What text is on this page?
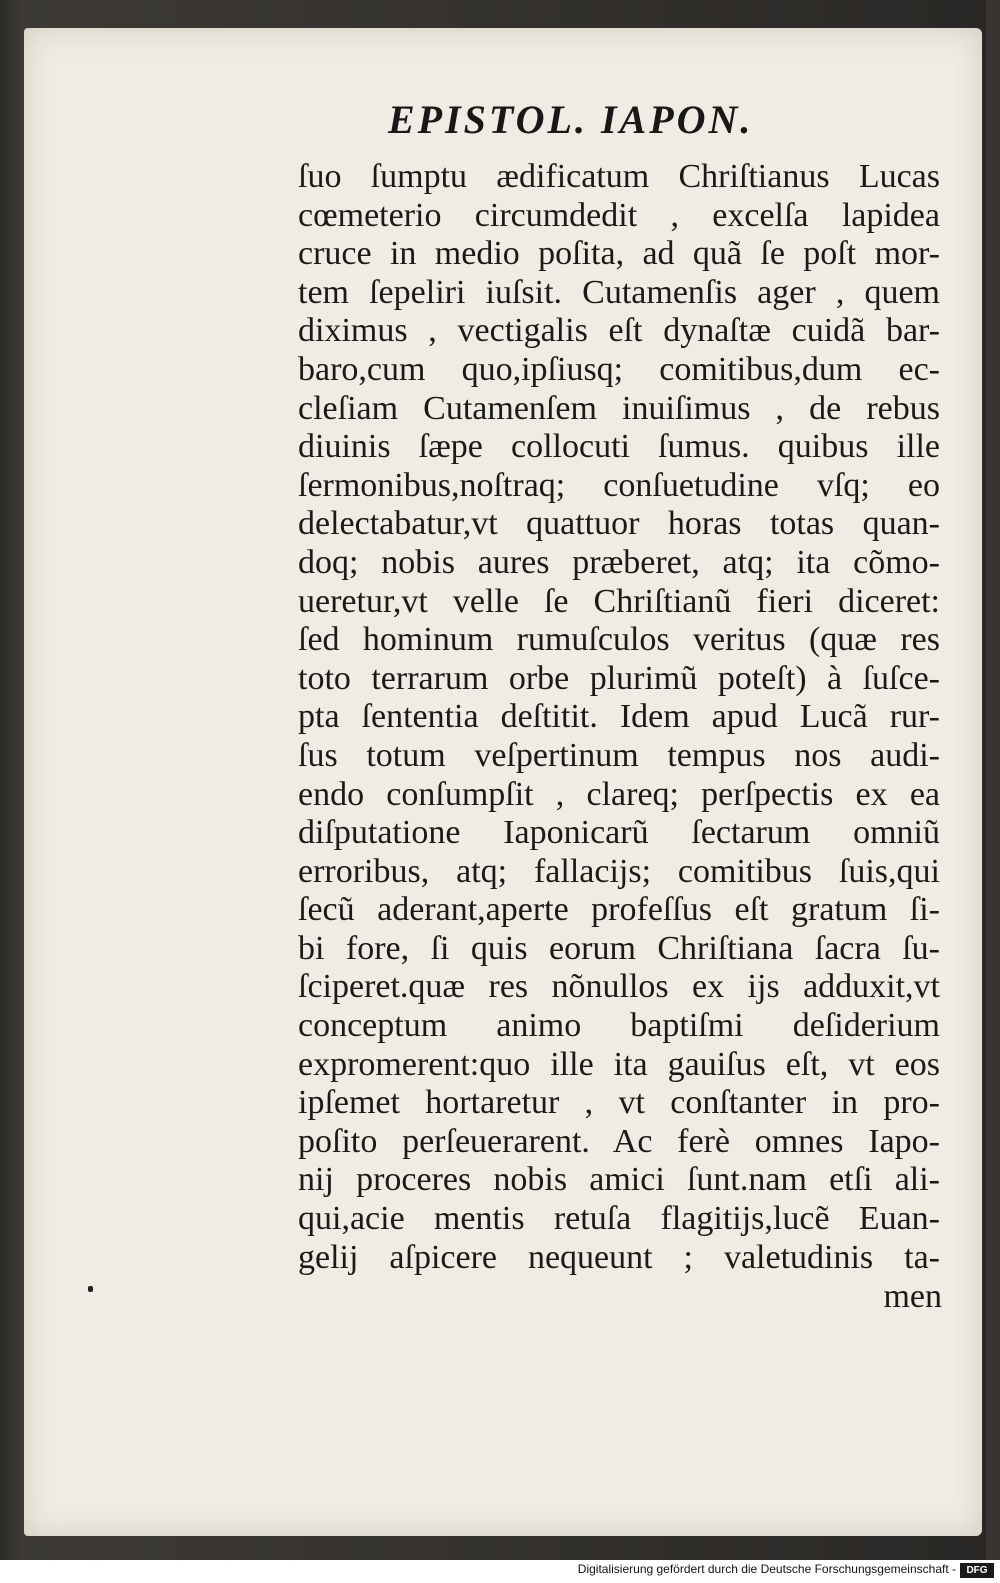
EPISTOL. IAPON.
ſuo ſumptu ædificatum Chriſtianus Lucas
cœmeterio circumdedit , excelſa lapidea
cruce in medio poſita, ad quã ſe poſt mor-
tem ſepeliri iuſsit. Cutamenſis ager , quem
diximus , vectigalis eſt dynaſtæ cuidã bar-
baro,cum quo,ipſiusq; comitibus,dum ec-
cleſiam Cutamenſem inuiſimus , de rebus
diuinis ſæpe collocuti ſumus. quibus ille
ſermonibus,noſtraq; conſuetudine vſq; eo
delectabatur,vt quattuor horas totas quan-
doq; nobis aures præberet, atq; ita cõmo-
ueretur,vt velle ſe Chriſtianũ fieri diceret:
ſed hominum rumuſculos veritus (quæ res
toto terrarum orbe plurimũ poteſt) à ſuſce-
pta ſententia deſtitit. Idem apud Lucã rur-
ſus totum veſpertinum tempus nos audi-
endo conſumpſit , clareq; perſpectis ex ea
diſputatione Iaponicarũ ſectarum omniũ
erroribus, atq; fallacijs; comitibus ſuis,qui
ſecũ aderant,aperte profeſſus eſt gratum ſi-
bi fore, ſi quis eorum Chriſtiana ſacra ſu-
ſciperet.quæ res nõnullos ex ijs adduxit,vt
conceptum animo baptiſmi deſiderium
expromerent:quo ille ita gauiſus eſt, vt eos
ipſemet hortaretur , vt conſtanter in pro-
poſito perſeuerarent. Ac ferè omnes Iapo-
nij proceres nobis amici ſunt.nam etſi ali-
qui,acie mentis retuſa flagitijs,lucẽ Euan-
gelij aſpicere nequeunt ; valetudinis ta-
men
Digitalisierung gefördert durch die Deutsche Forschungsgemeinschaft -	DFG
